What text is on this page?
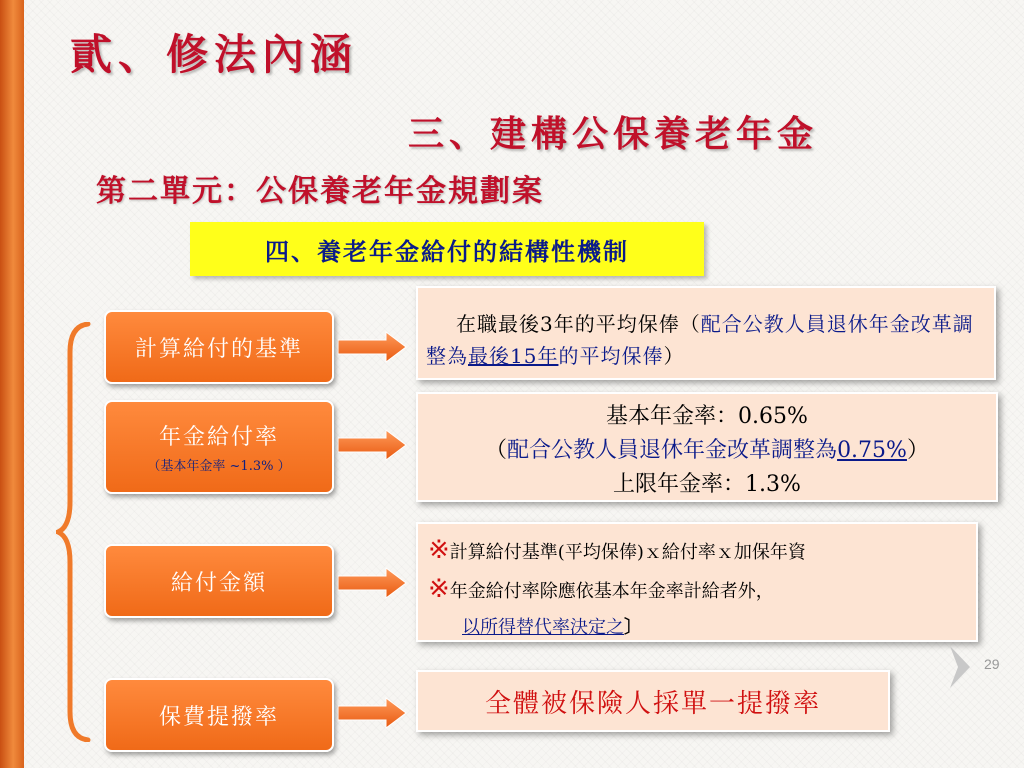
貳、修法內涵
三、建構公保養老年金
第二單元：公保養老年金規劃案
四、養老年金給付的結構性機制
計算給付的基準
年金給付率
（基本年金率 ~1.3% ）
給付金額
保費提撥率
在職最後3年的平均保俸（配合公教人員退休年金改革調整為最後15年的平均保俸）
基本年金率：0.65%
（配合公教人員退休年金改革調整為0.75%）
上限年金率：1.3%
※計算給付基準(平均保俸)ｘ給付率ｘ加保年資
※年金給付率除應依基本年金率計給者外，
以所得替代率決定之〕
全體被保險人採單一提撥率
29
